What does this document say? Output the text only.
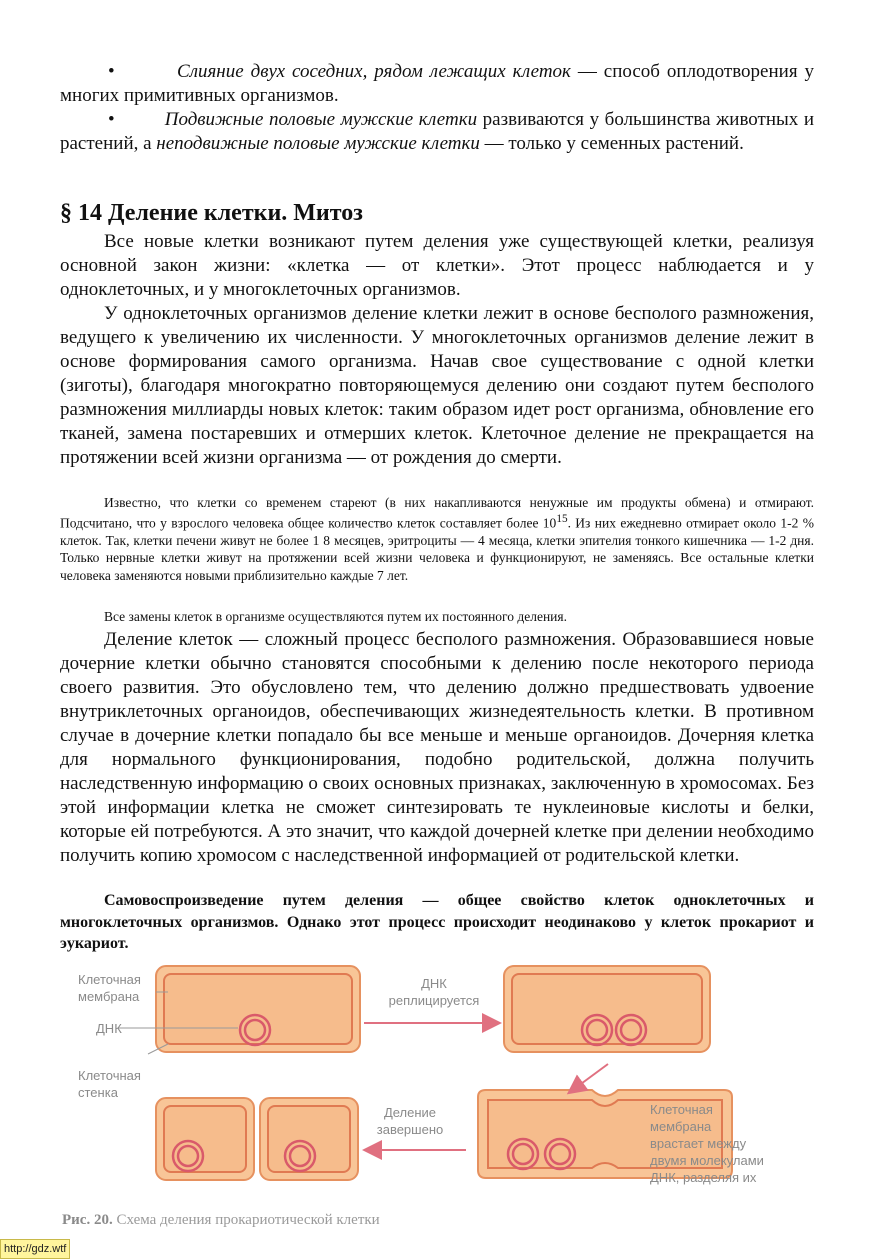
•         Слияние двух соседних, рядом лежащих клеток — способ оплодотворения у многих примитивных организмов.

•         Подвижные половые мужские клетки развиваются у большинства животных и растений, а неподвижные половые мужские клетки — только у семенных растений.

§ 14 Деление клетки. Митоз

Все новые клетки возникают путем деления уже существующей клетки, реализуя основной закон жизни: «клетка — от клетки». Этот процесс наблюдается и у одноклеточных, и у многоклеточных организмов.

У одноклеточных организмов деление клетки лежит в основе бесполого размножения, ведущего к увеличению их численности. У многоклеточных организмов деление лежит в основе формирования самого организма. Начав свое существование с одной клетки (зиготы), благодаря многократно повторяющемуся делению они создают путем бесполого размножения миллиарды новых клеток: таким образом идет рост организма, обновление его тканей, замена постаревших и отмерших клеток. Клеточное деление не прекращается на протяжении всей жизни организма — от рождения до смерти.

Известно, что клетки со временем стареют (в них накапливаются ненужные им продукты обмена) и отмирают. Подсчитано, что у взрослого человека общее количество клеток составляет более $10^{15}$. Из них ежедневно отмирает около 1-2 % клеток. Так, клетки печени живут не более 1 8 месяцев, эритроциты — 4 месяца, клетки эпителия тонкого кишечника — 1-2 дня. Только нервные клетки живут на протяжении всей жизни человека и функционируют, не заменяясь. Все остальные клетки человека заменяются новыми приблизительно каждые 7 лет.

Все замены клеток в организме осуществляются путем их постоянного деления.

Деление клеток — сложный процесс бесполого размножения. Образовавшиеся новые дочерние клетки обычно становятся способными к делению после некоторого периода своего развития. Это обусловлено тем, что делению должно предшествовать удвоение внутриклеточных органоидов, обеспечивающих жизнедеятельность клетки. В противном случае в дочерние клетки попадало бы все меньше и меньше органоидов. Дочерняя клетка для нормального функционирования, подобно родительской, должна получить наследственную информацию о своих основных признаках, заключенную в хромосомах. Без этой информации клетка не сможет синтезировать те нуклеиновые кислоты и белки, которые ей потребуются. А это значит, что каждой дочерней клетке при делении необходимо получить копию хромосом с наследственной информацией от родительской клетки.

Самовоспроизведение путем деления — общее свойство клеток одноклеточных и многоклеточных организмов. Однако этот процесс происходит неодинаково у клеток прокариот и эукариот.

Клеточная
мембрана
ДНК
Клеточная
стенка
ДНК
реплицируется
Деление
завершено
Клеточная
мембрана
врастает между
двумя молекулами
ДНК, разделяя их
Рис. 20. Схема деления прокариотической клетки
http://gdz.wtf
